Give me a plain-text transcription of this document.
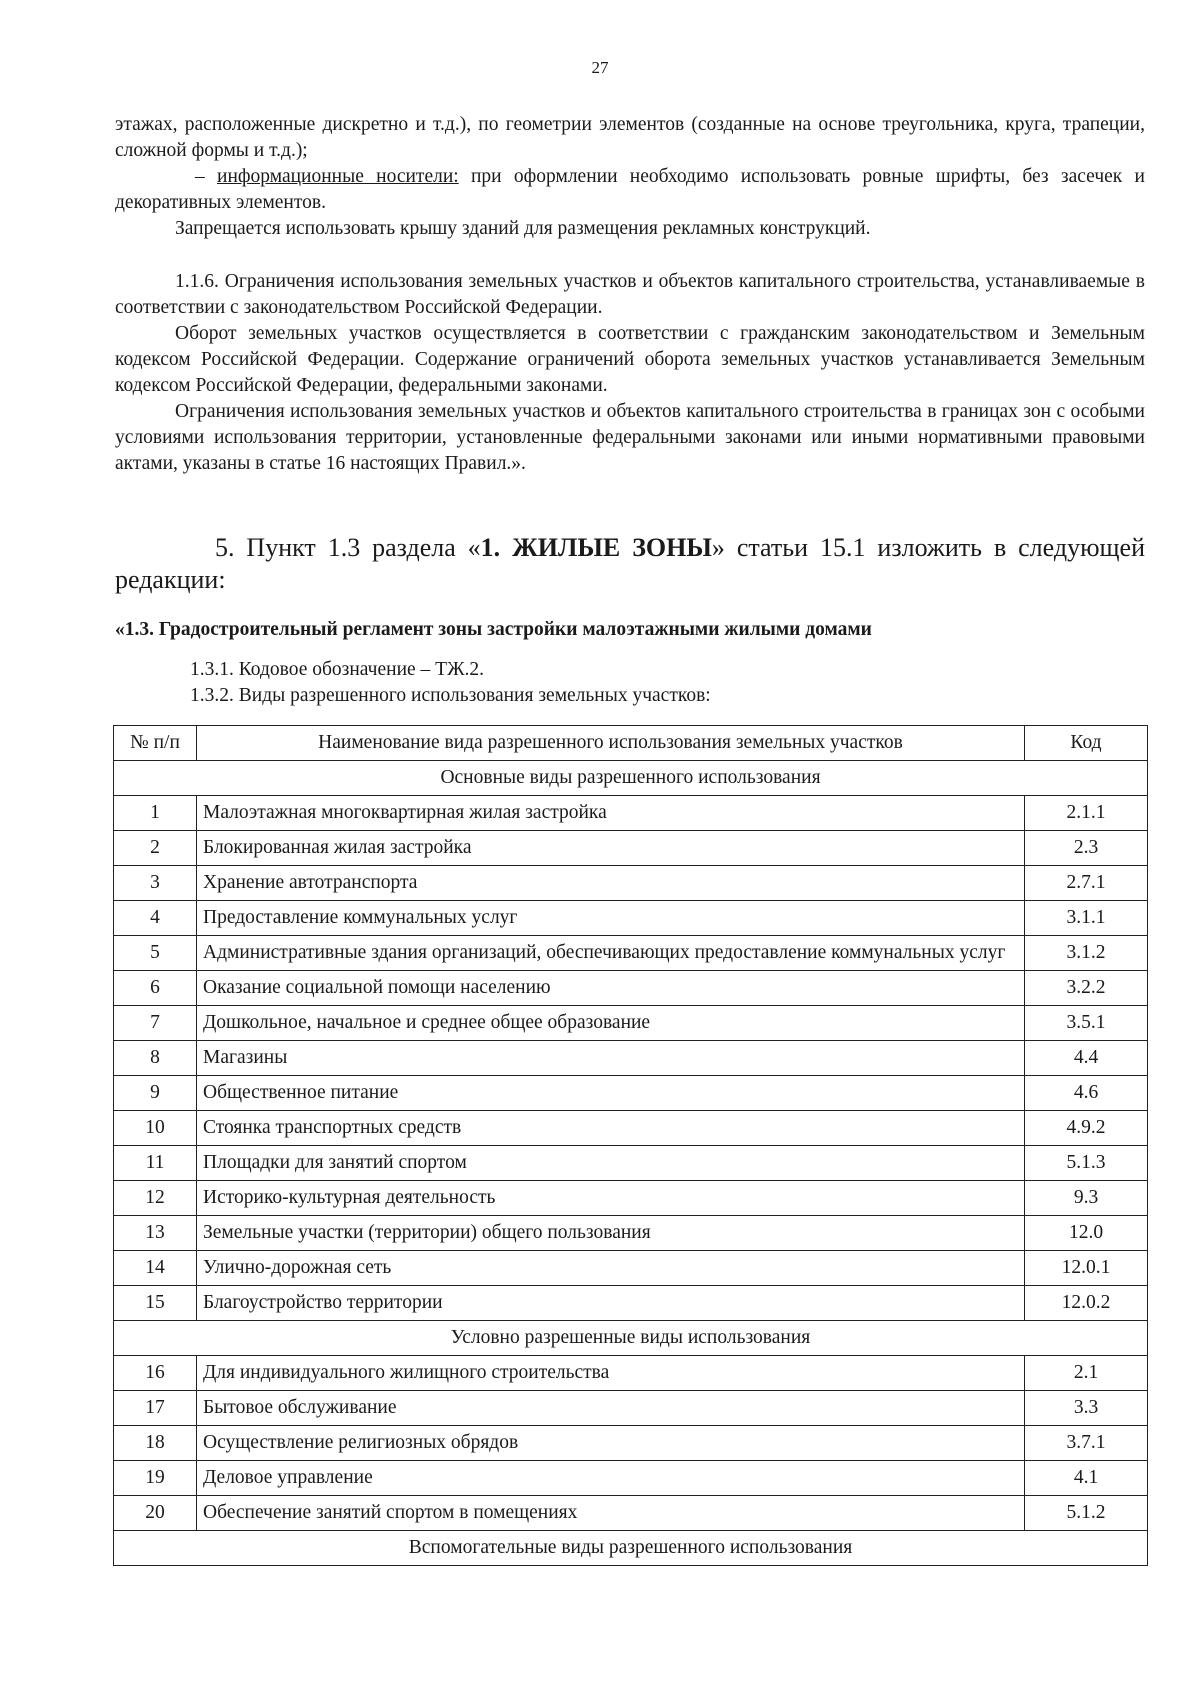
27

этажах, расположенные дискретно и т.д.), по геометрии элементов (созданные на основе треугольника, круга, трапеции, сложной формы и т.д.);

– информационные носители: при оформлении необходимо использовать ровные шрифты, без засечек и декоративных элементов.

Запрещается использовать крышу зданий для размещения рекламных конструкций.

1.1.6. Ограничения использования земельных участков и объектов капитального строительства, устанавливаемые в соответствии с законодательством Российской Федерации.

Оборот земельных участков осуществляется в соответствии с гражданским законодательством и Земельным кодексом Российской Федерации. Содержание ограничений оборота земельных участков устанавливается Земельным кодексом Российской Федерации, федеральными законами.

Ограничения использования земельных участков и объектов капитального строительства в границах зон с особыми условиями использования территории, установленные федеральными законами или иными нормативными правовыми актами, указаны в статье 16 настоящих Правил.».

5. Пункт 1.3 раздела «1. ЖИЛЫЕ ЗОНЫ» статьи 15.1 изложить в следующей редакции:

«1.3. Градостроительный регламент зоны застройки малоэтажными жилыми домами

1.3.1. Кодовое обозначение – ТЖ.2.

1.3.2. Виды разрешенного использования земельных участков:

№ п/п	Наименование вида разрешенного использования земельных участков	Код
Основные виды разрешенного использования		
1	Малоэтажная многоквартирная жилая застройка	2.1.1
2	Блокированная жилая застройка	2.3
3	Хранение автотранспорта	2.7.1
4	Предоставление коммунальных услуг	3.1.1
5	Административные здания организаций, обеспечивающих предоставление коммунальных услуг	3.1.2
6	Оказание социальной помощи населению	3.2.2
7	Дошкольное, начальное и среднее общее образование	3.5.1
8	Магазины	4.4
9	Общественное питание	4.6
10	Стоянка транспортных средств	4.9.2
11	Площадки для занятий спортом	5.1.3
12	Историко-культурная деятельность	9.3
13	Земельные участки (территории) общего пользования	12.0
14	Улично-дорожная сеть	12.0.1
15	Благоустройство территории	12.0.2
Условно разрешенные виды использования		
16	Для индивидуального жилищного строительства	2.1
17	Бытовое обслуживание	3.3
18	Осуществление религиозных обрядов	3.7.1
19	Деловое управление	4.1
20	Обеспечение занятий спортом в помещениях	5.1.2
Вспомогательные виды разрешенного использования		
